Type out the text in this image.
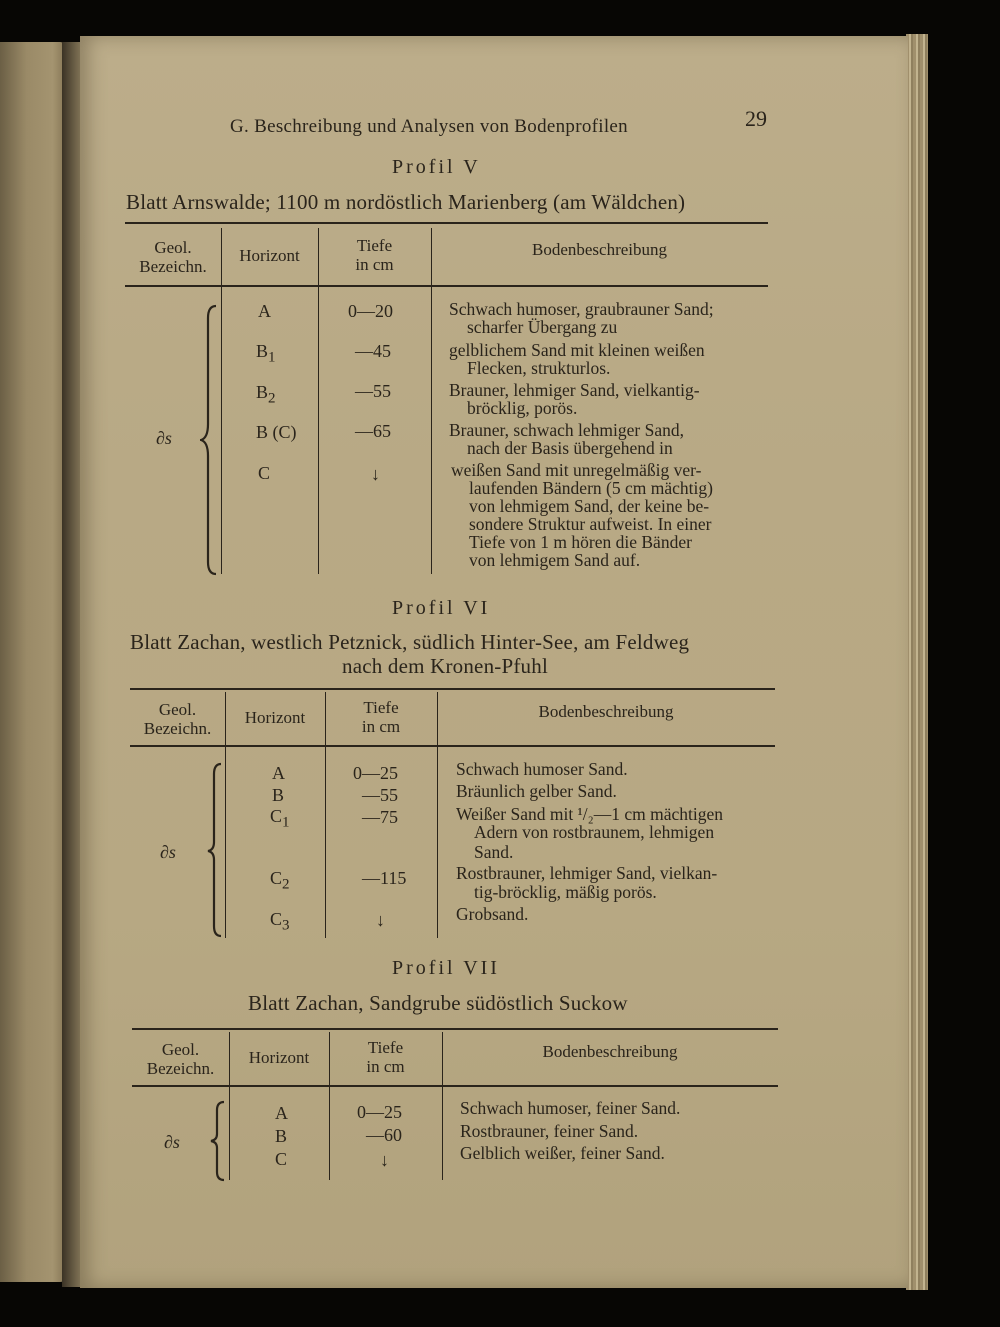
G. Beschreibung und Analysen von Bodenprofilen	29
Profil V
Blatt Arnswalde; 1100 m nordöstlich Marienberg (am Wäldchen)
Geol.
Bezeichn.
Horizont
Tiefe
in cm
Bodenbeschreibung
∂s
A
$B_1$
$B_2$
B (C)
C
0—20
—45
—55
—65
↓
Schwach humoser, graubrauner Sand;
scharfer Übergang zu
gelblichem Sand mit kleinen weißen
Flecken, strukturlos.
Brauner, lehmiger Sand, vielkantig-
bröcklig, porös.
Brauner, schwach lehmiger Sand,
nach der Basis übergehend in
weißen Sand mit unregelmäßig ver-
laufenden Bändern (5 cm mächtig)
von lehmigem Sand, der keine be-
sondere Struktur aufweist. In einer
Tiefe von 1 m hören die Bänder
von lehmigem Sand auf.
Profil VI
Blatt Zachan, westlich Petznick, südlich Hinter-See, am Feldweg
nach dem Kronen-Pfuhl
Geol.
Bezeichn.
Horizont
Tiefe
in cm
Bodenbeschreibung
∂s
A
B
$C_1$
$C_2$
$C_3$
0—25
—55
—75
—115
↓
Schwach humoser Sand.
Bräunlich gelber Sand.
Weißer Sand mit ¹/₂—1 cm mächtigen
Adern von rostbraunem, lehmigen
Sand.
Rostbrauner, lehmiger Sand, vielkan-
tig-bröcklig, mäßig porös.
Grobsand.
Profil VII
Blatt Zachan, Sandgrube südöstlich Suckow
Geol.
Bezeichn.
Horizont
Tiefe
in cm
Bodenbeschreibung
∂s
A
B
C
0—25
—60
↓
Schwach humoser, feiner Sand.
Rostbrauner, feiner Sand.
Gelblich weißer, feiner Sand.
